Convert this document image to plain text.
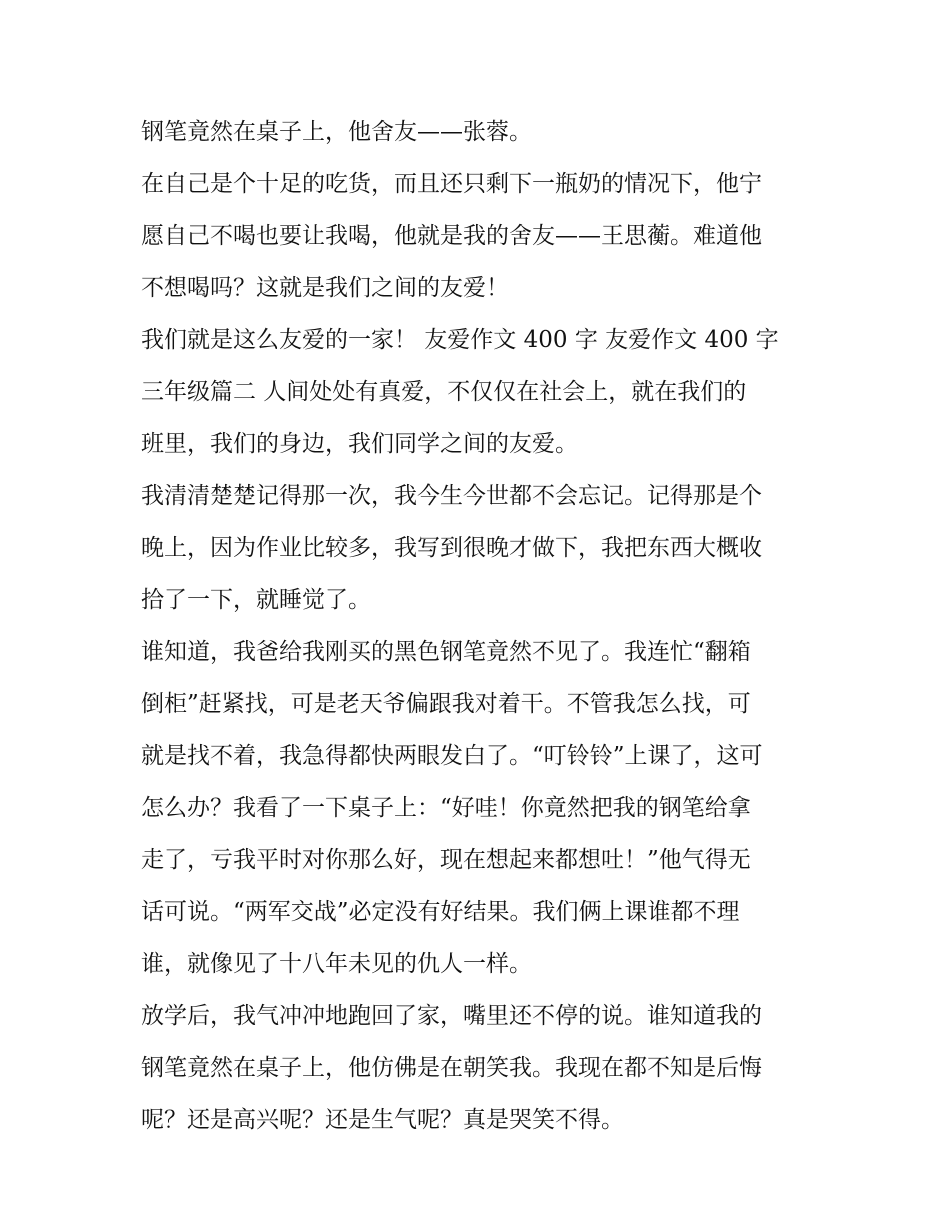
钢笔竟然在桌子上，他舍友——张蓉。
在自己是个十足的吃货，而且还只剩下一瓶奶的情况下，他宁
愿自己不喝也要让我喝，他就是我的舍友——王思蘅。难道他
不想喝吗？这就是我们之间的友爱！
我们就是这么友爱的一家！ 友爱作文 400 字 友爱作文 400 字
三年级篇二 人间处处有真爱，不仅仅在社会上，就在我们的
班里，我们的身边，我们同学之间的友爱。
我清清楚楚记得那一次，我今生今世都不会忘记。记得那是个
晚上，因为作业比较多，我写到很晚才做下，我把东西大概收
拾了一下，就睡觉了。
谁知道，我爸给我刚买的黑色钢笔竟然不见了。我连忙“翻箱
倒柜”赶紧找，可是老天爷偏跟我对着干。不管我怎么找，可
就是找不着，我急得都快两眼发白了。“叮铃铃”上课了，这可
怎么办？我看了一下桌子上：“好哇！你竟然把我的钢笔给拿
走了，亏我平时对你那么好，现在想起来都想吐！”他气得无
话可说。“两军交战”必定没有好结果。我们俩上课谁都不理
谁，就像见了十八年未见的仇人一样。
放学后，我气冲冲地跑回了家，嘴里还不停的说。谁知道我的
钢笔竟然在桌子上，他仿佛是在朝笑我。我现在都不知是后悔
呢？还是高兴呢？还是生气呢？真是哭笑不得。
